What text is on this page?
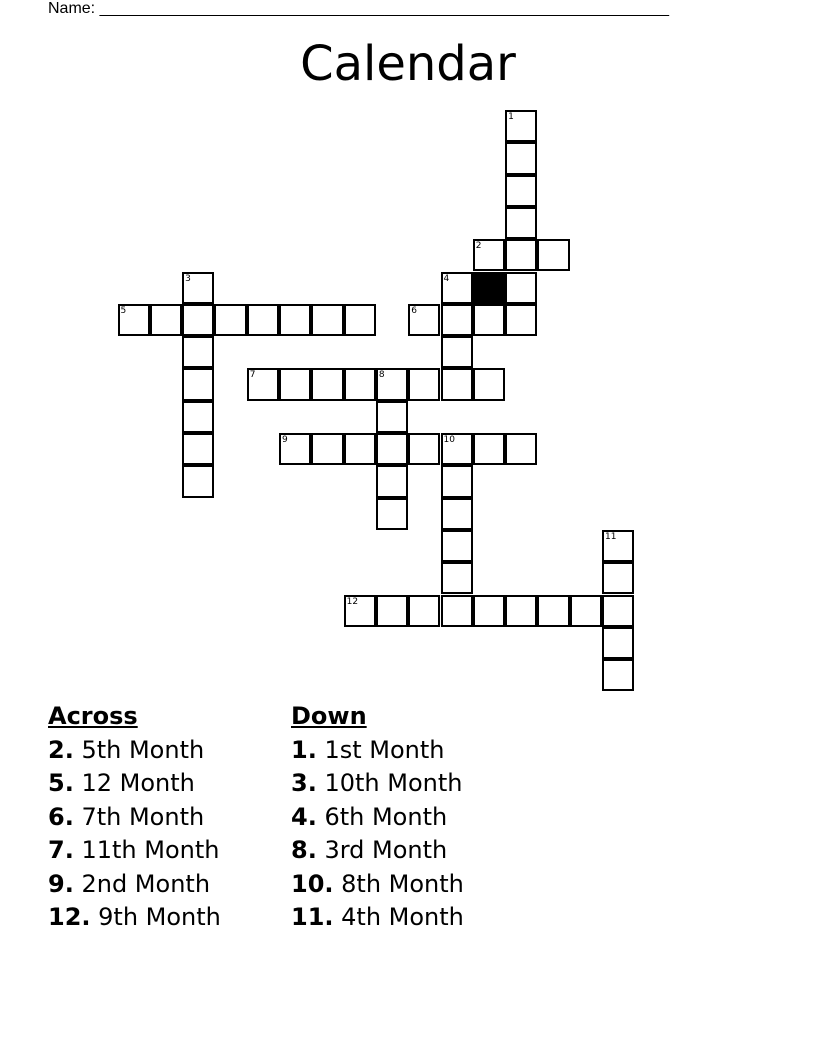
Name: ________________________________________________________________
Calendar
1
2
3	4
5	6
7	8
9	10
11
12
Across
2. 5th Month
5. 12 Month
6. 7th Month
7. 11th Month
9. 2nd Month
12. 9th Month
Down
1. 1st Month
3. 10th Month
4. 6th Month
8. 3rd Month
10. 8th Month
11. 4th Month
